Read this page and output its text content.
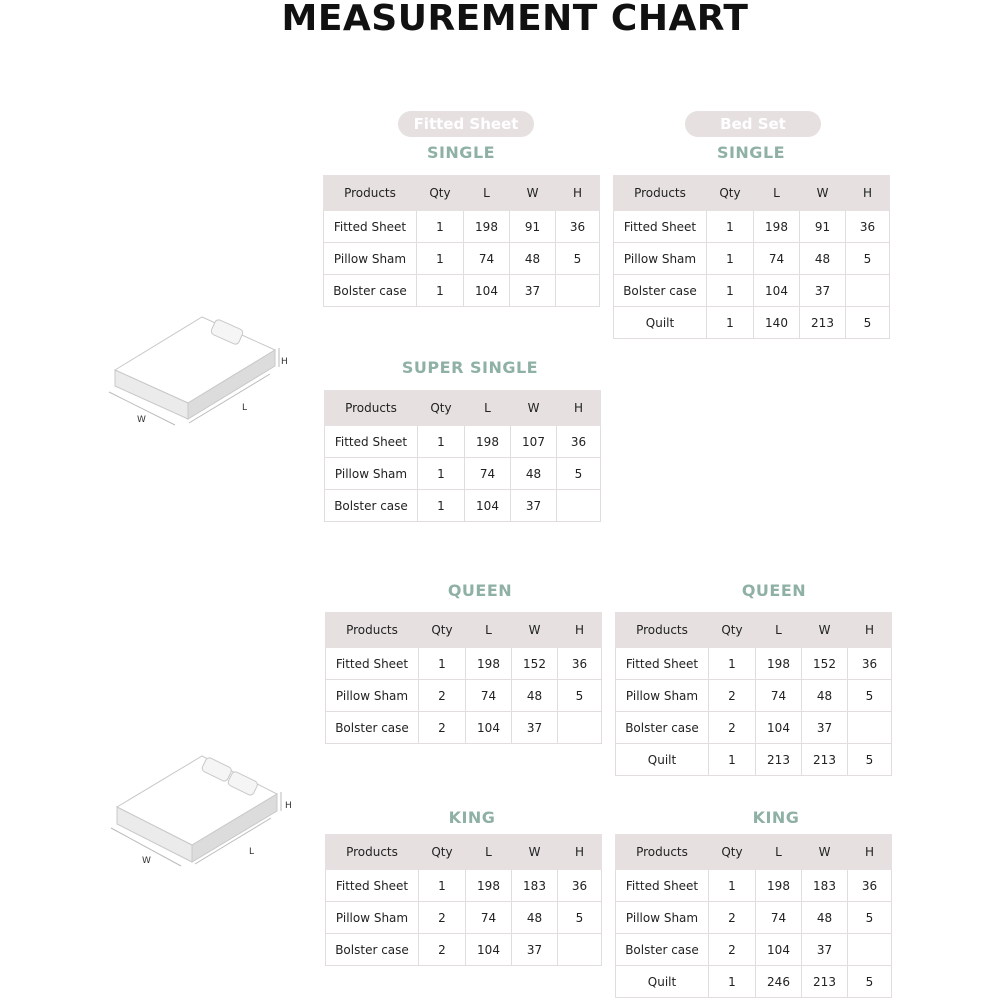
MEASUREMENT CHART
Fitted Sheet	Bed Set
W
L
H
W
L
H
SINGLE
Products	Qty	L	W	H
Fitted Sheet	1	198	91	36
Pillow Sham	1	74	48	5
Bolster case	1	104	37	
SINGLE
Products	Qty	L	W	H
Fitted Sheet	1	198	91	36
Pillow Sham	1	74	48	5
Bolster case	1	104	37	
Quilt	1	140	213	5
SUPER SINGLE
Products	Qty	L	W	H
Fitted Sheet	1	198	107	36
Pillow Sham	1	74	48	5
Bolster case	1	104	37	
QUEEN
Products	Qty	L	W	H
Fitted Sheet	1	198	152	36
Pillow Sham	2	74	48	5
Bolster case	2	104	37	
QUEEN
Products	Qty	L	W	H
Fitted Sheet	1	198	152	36
Pillow Sham	2	74	48	5
Bolster case	2	104	37	
Quilt	1	213	213	5
KING
Products	Qty	L	W	H
Fitted Sheet	1	198	183	36
Pillow Sham	2	74	48	5
Bolster case	2	104	37	
KING
Products	Qty	L	W	H
Fitted Sheet	1	198	183	36
Pillow Sham	2	74	48	5
Bolster case	2	104	37	
Quilt	1	246	213	5
